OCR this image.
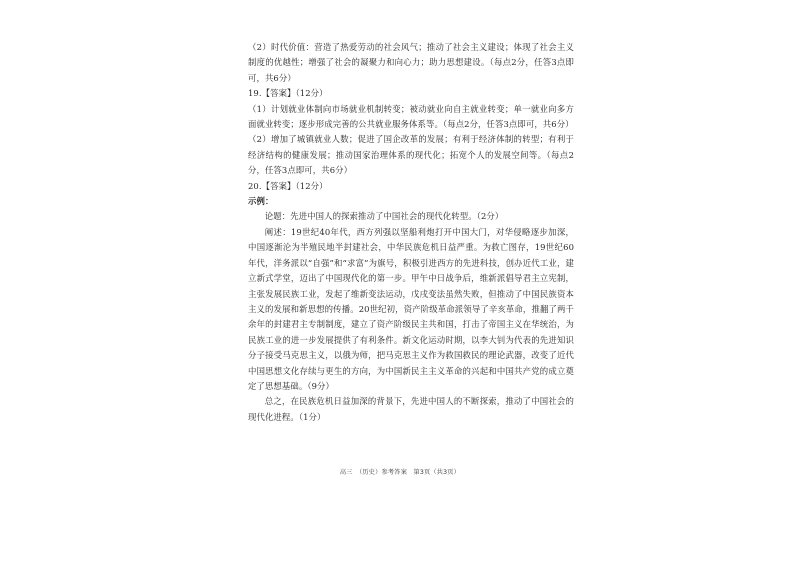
（2）时代价值：营造了热爱劳动的社会风气；推动了社会主义建设；体现了社会主义制度的优越性；增强了社会的凝聚力和向心力；助力思想建设。（每点2分，任答3点即可，共6分）

19.【答案】（12分）

（1）计划就业体制向市场就业机制转变；被动就业向自主就业转变；单一就业向多方面就业转变；逐步形成完善的公共就业服务体系等。（每点2分，任答3点即可，共6分）

（2）增加了城镇就业人数；促进了国企改革的发展；有利于经济体制的转型；有利于经济结构的健康发展；推动国家治理体系的现代化；拓宽个人的发展空间等。（每点2分，任答3点即可，共6分）

20.【答案】（12分）

示例：

论题：先进中国人的探索推动了中国社会的现代化转型。（2分）

阐述：19世纪40年代，西方列强以坚船利炮打开中国大门，对华侵略逐步加深，中国逐渐沦为半殖民地半封建社会，中华民族危机日益严重。为救亡图存，19世纪60年代，洋务派以“自强”和“求富”为旗号，积极引进西方的先进科技，创办近代工业，建立新式学堂，迈出了中国现代化的第一步。甲午中日战争后，维新派倡导君主立宪制，主张发展民族工业，发起了维新变法运动，戊戌变法虽然失败，但推动了中国民族资本主义的发展和新思想的传播。20世纪初，资产阶级革命派领导了辛亥革命，推翻了两千余年的封建君主专制制度，建立了资产阶级民主共和国，打击了帝国主义在华统治，为民族工业的进一步发展提供了有利条件。新文化运动时期，以李大钊为代表的先进知识分子接受马克思主义，以俄为师，把马克思主义作为救国救民的理论武器，改变了近代中国思想文化存续与更生的方向，为中国新民主主义革命的兴起和中国共产党的成立奠定了思想基础。（9分）

总之，在民族危机日益加深的背景下，先进中国人的不断探索，推动了中国社会的现代化进程。（1分）

高三　（历史）参考答案　第3页（共3页）
